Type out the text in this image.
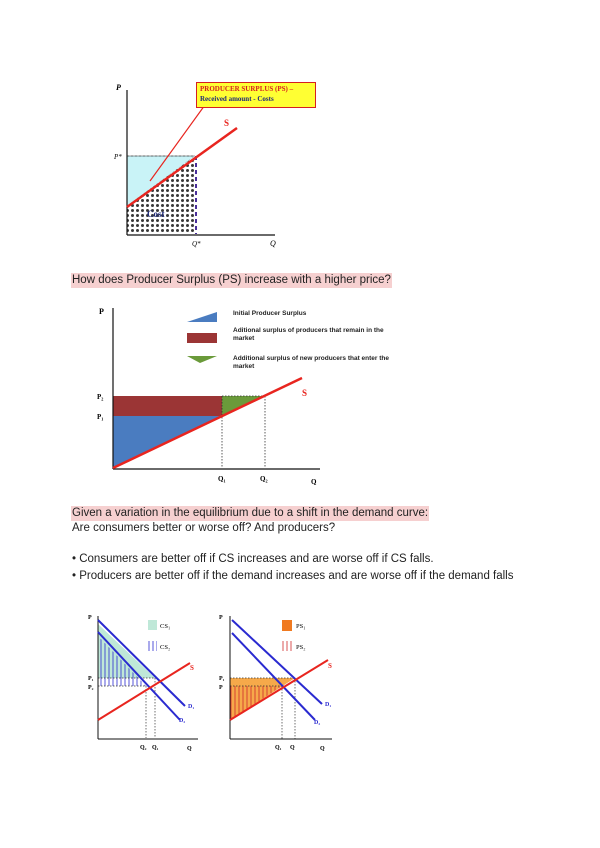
P
P*
Q*	Q
S
Cost
PRODUCER SURPLUS (PS) –
Received amount - Costs
How does Producer Surplus (PS) increase with a higher price?
P
P₂
P₁
Q₁	Q₂	Q
S
Initial Producer Surplus
Aditional surplus of producers that remain in the market
Additional surplus of new producers that enter the market
Given a variation in the equilibrium due to a shift in the demand curve:
Are consumers better or worse off? And producers?
• Consumers are better off if CS increases and are worse off if CS falls.
• Producers are better off if the demand increases and are worse off if the demand falls
CS₁
CS₂
P
P₁
P₂
Q₂ Q₁	Q
S
D₁
D₂
PS₁
PS₂
P
P₁
P
Q₁ Q	Q
S
D₁
D₂
